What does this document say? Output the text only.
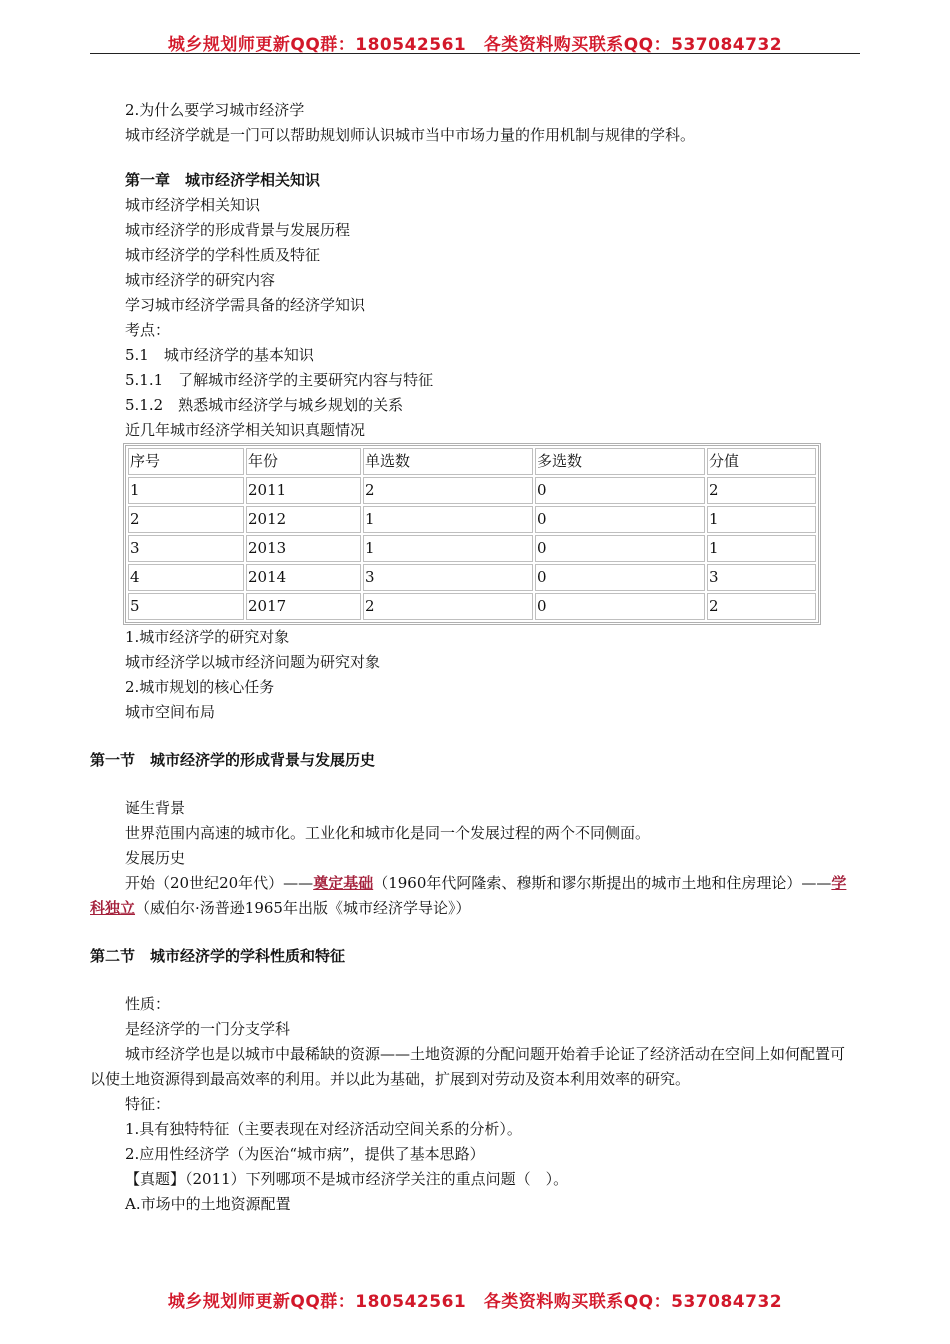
城乡规划师更新QQ群：180542561　各类资料购买联系QQ：537084732
2.为什么要学习城市经济学
城市经济学就是一门可以帮助规划师认识城市当中市场力量的作用机制与规律的学科。
第一章　城市经济学相关知识
城市经济学相关知识
城市经济学的形成背景与发展历程
城市经济学的学科性质及特征
城市经济学的研究内容
学习城市经济学需具备的经济学知识
考点：
5.1　城市经济学的基本知识
5.1.1　了解城市经济学的主要研究内容与特征
5.1.2　熟悉城市经济学与城乡规划的关系
近几年城市经济学相关知识真题情况
序号	年份	单选数	多选数	分值
1	2011	2	0	2
2	2012	1	0	1
3	2013	1	0	1
4	2014	3	0	3
5	2017	2	0	2
1.城市经济学的研究对象
城市经济学以城市经济问题为研究对象
2.城市规划的核心任务
城市空间布局
第一节　城市经济学的形成背景与发展历史
诞生背景
世界范围内高速的城市化。工业化和城市化是同一个发展过程的两个不同侧面。
发展历史
开始（20世纪20年代）——奠定基础（1960年代阿隆索、穆斯和谬尔斯提出的城市土地和住房理论）——学科独立（威伯尔·汤普逊1965年出版《城市经济学导论》）
第二节　城市经济学的学科性质和特征
性质：
是经济学的一门分支学科
城市经济学也是以城市中最稀缺的资源——土地资源的分配问题开始着手论证了经济活动在空间上如何配置可以使土地资源得到最高效率的利用。并以此为基础，扩展到对劳动及资本利用效率的研究。
特征：
1.具有独特特征（主要表现在对经济活动空间关系的分析）。
2.应用性经济学（为医治“城市病”，提供了基本思路）
【真题】（2011）下列哪项不是城市经济学关注的重点问题（　）。
A.市场中的土地资源配置
城乡规划师更新QQ群：180542561　各类资料购买联系QQ：537084732
